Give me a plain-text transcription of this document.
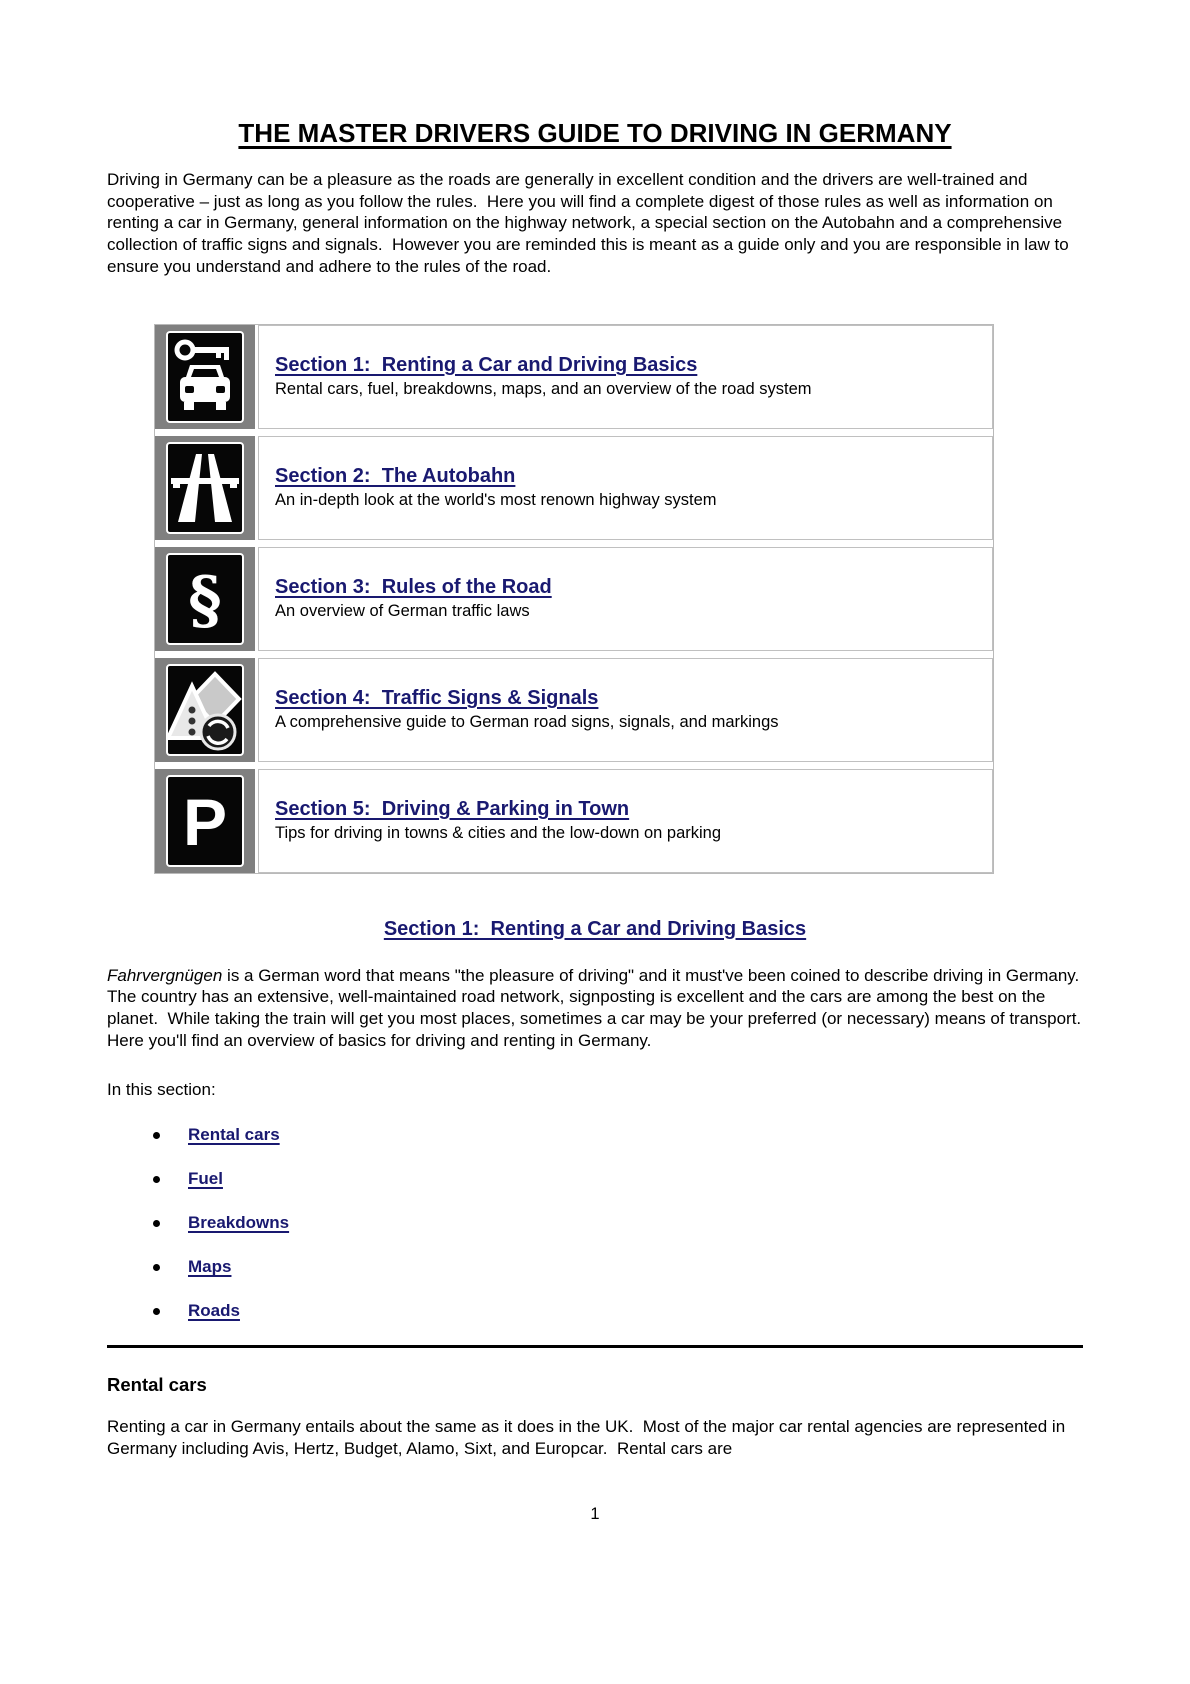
THE MASTER DRIVERS GUIDE TO DRIVING IN GERMANY

Driving in Germany can be a pleasure as the roads are generally in excellent condition and the drivers are well-trained and cooperative – just as long as you follow the rules.  Here you will find a complete digest of those rules as well as information on renting a car in Germany, general information on the highway network, a special section on the Autobahn and a comprehensive collection of traffic signs and signals.  However you are reminded this is meant as a guide only and you are responsible in law to ensure you understand and adhere to the rules of the road.

Section 1:  Renting a Car and Driving Basics
Rental cars, fuel, breakdowns, maps, and an overview of the road system
Section 2:  The Autobahn
An in-depth look at the world's most renown highway system
§	Section 3:  Rules of the Road
An overview of German traffic laws
Section 4:  Traffic Signs & Signals
A comprehensive guide to German road signs, signals, and markings
P Section 5:  Driving & Parking in Town
Tips for driving in towns & cities and the low-down on parking
Section 1:  Renting a Car and Driving Basics

Fahrvergnügen is a German word that means "the pleasure of driving" and it must've been coined to describe driving in Germany.  The country has an extensive, well-maintained road network, signposting is excellent and the cars are among the best on the planet.  While taking the train will get you most places, sometimes a car may be your preferred (or necessary) means of transport.  Here you'll find an overview of basics for driving and renting in Germany.

In this section:

Rental cars
Fuel
Breakdowns
Maps
Roads
Rental cars

Renting a car in Germany entails about the same as it does in the UK.  Most of the major car rental agencies are represented in Germany including Avis, Hertz, Budget, Alamo, Sixt, and Europcar.  Rental cars are

1
